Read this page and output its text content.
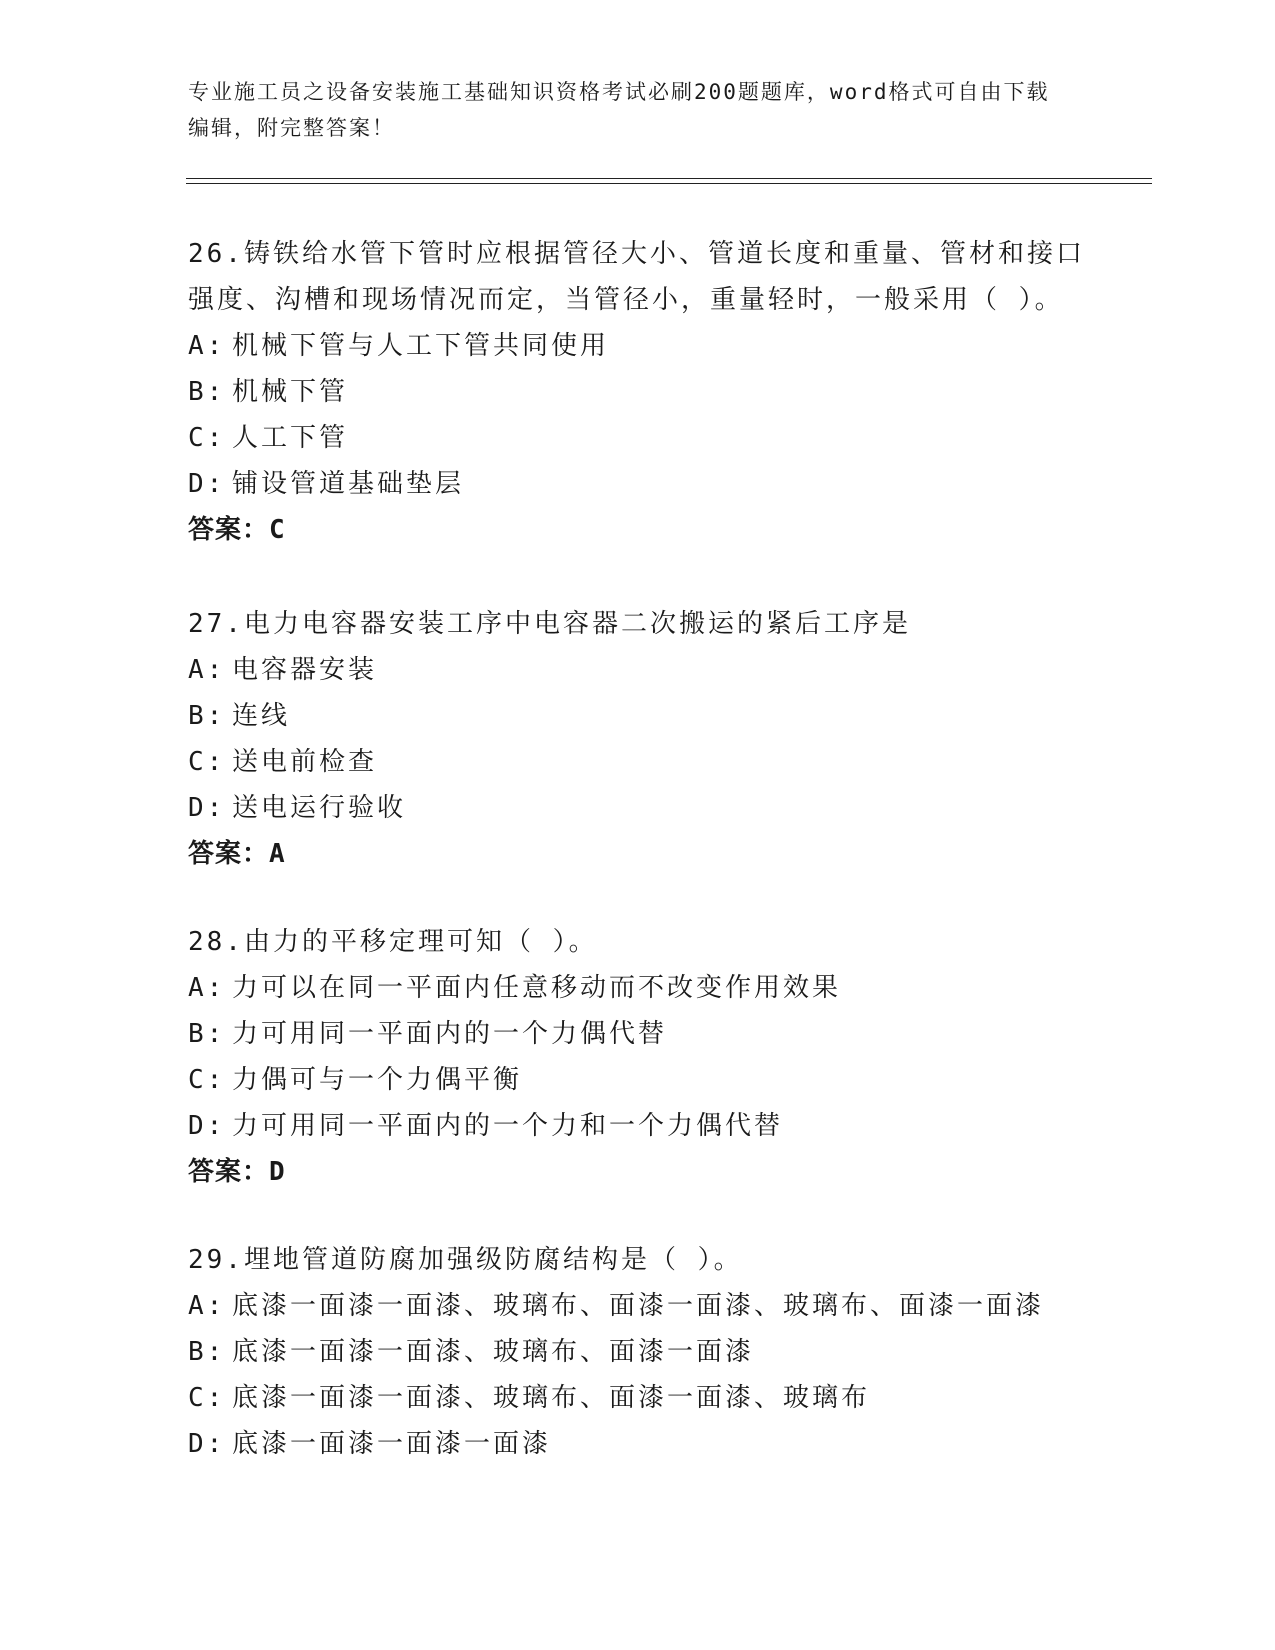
专业施工员之设备安装施工基础知识资格考试必刷200题题库，word格式可自由下载编辑，附完整答案！

26.铸铁给水管下管时应根据管径大小、管道长度和重量、管材和接口强度、沟槽和现场情况而定，当管径小，重量轻时，一般采用（ ）。

A: 机械下管与人工下管共同使用

B: 机械下管

C: 人工下管

D: 铺设管道基础垫层

答案：C

27.电力电容器安装工序中电容器二次搬运的紧后工序是

A: 电容器安装

B: 连线

C: 送电前检查

D: 送电运行验收

答案：A

28.由力的平移定理可知（ ）。

A: 力可以在同一平面内任意移动而不改变作用效果

B: 力可用同一平面内的一个力偶代替

C: 力偶可与一个力偶平衡

D: 力可用同一平面内的一个力和一个力偶代替

答案：D

29.埋地管道防腐加强级防腐结构是（ ）。

A: 底漆一面漆一面漆、玻璃布、面漆一面漆、玻璃布、面漆一面漆

B: 底漆一面漆一面漆、玻璃布、面漆一面漆

C: 底漆一面漆一面漆、玻璃布、面漆一面漆、玻璃布

D: 底漆一面漆一面漆一面漆
